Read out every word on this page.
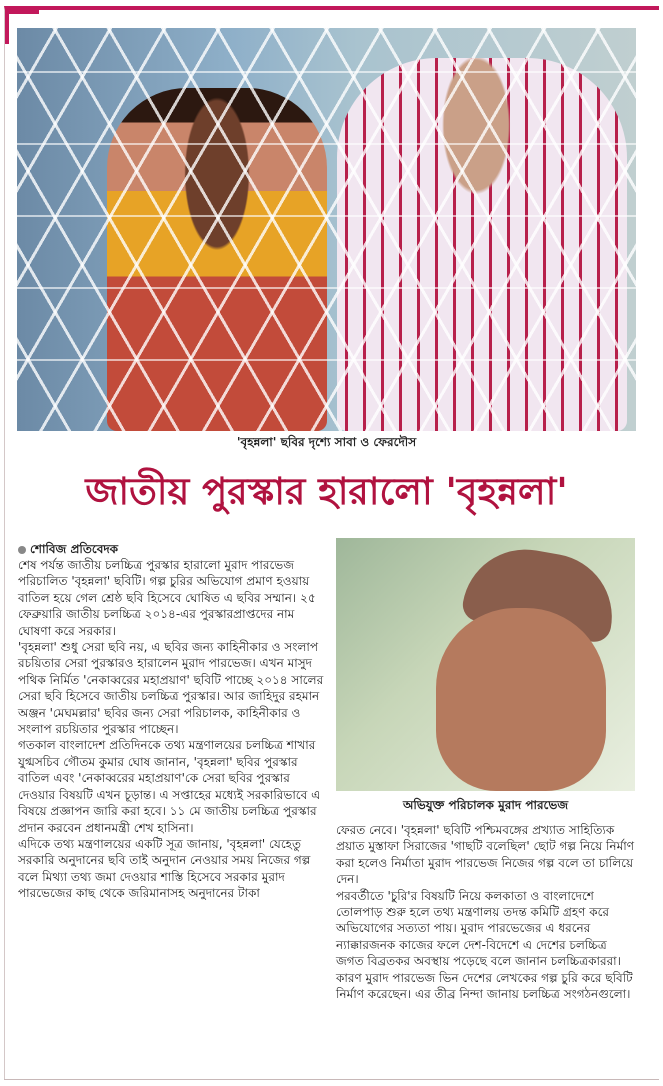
'বৃহন্নলা' ছবির দৃশ্যে সাবা ও ফেরদৌস
জাতীয় পুরস্কার হারালো 'বৃহন্নলা'
শোবিজ প্রতিবেদক

শেষ পর্যন্ত জাতীয় চলচ্চিত্র পুরস্কার হারালো মুরাদ পারভেজ পরিচালিত 'বৃহন্নলা' ছবিটি। গল্প চুরির অভিযোগ প্রমাণ হওয়ায় বাতিল হয়ে গেল শ্রেষ্ঠ ছবি হিসেবে ঘোষিত এ ছবির সম্মান। ২৫ ফেব্রুয়ারি জাতীয় চলচ্চিত্র ২০১৪-এর পুরস্কারপ্রাপ্তদের নাম ঘোষণা করে সরকার।

'বৃহন্নলা' শুধু সেরা ছবি নয়, এ ছবির জন্য কাহিনীকার ও সংলাপ রচয়িতার সেরা পুরস্কারও হারালেন মুরাদ পারভেজ। এখন মাসুদ পথিক নির্মিত 'নেকাব্বরের মহাপ্রয়াণ' ছবিটি পাচ্ছে ২০১৪ সালের সেরা ছবি হিসেবে জাতীয় চলচ্চিত্র পুরস্কার। আর জাহিদুর রহমান অঞ্জন 'মেঘমল্লার' ছবির জন্য সেরা পরিচালক, কাহিনীকার ও সংলাপ রচয়িতার পুরস্কার পাচ্ছেন।

গতকাল বাংলাদেশ প্রতিদিনকে তথ্য মন্ত্রণালয়ের চলচ্চিত্র শাখার যুগ্মসচিব গৌতম কুমার ঘোষ জানান, 'বৃহন্নলা' ছবির পুরস্কার বাতিল এবং 'নেকাব্বরের মহাপ্রয়াণ'কে সেরা ছবির পুরস্কার দেওয়ার বিষয়টি এখন চূড়ান্ত। এ সপ্তাহের মধ্যেই সরকারিভাবে এ বিষয়ে প্রজ্ঞাপন জারি করা হবে। ১১ মে জাতীয় চলচ্চিত্র পুরস্কার প্রদান করবেন প্রধানমন্ত্রী শেখ হাসিনা।

এদিকে তথ্য মন্ত্রণালয়ের একটি সূত্র জানায়, 'বৃহন্নলা' যেহেতু সরকারি অনুদানের ছবি তাই অনুদান নেওয়ার সময় নিজের গল্প বলে মিথ্যা তথ্য জমা দেওয়ার শাস্তি হিসেবে সরকার মুরাদ পারভেজের কাছ থেকে জরিমানাসহ অনুদানের টাকা

অভিযুক্ত পরিচালক মুরাদ পারভেজ

ফেরত নেবে। 'বৃহন্নলা' ছবিটি পশ্চিমবঙ্গের প্রখ্যাত সাহিত্যিক প্রয়াত মুস্তাফা সিরাজের 'গাছটি বলেছিল' ছোট গল্প নিয়ে নির্মাণ করা হলেও নির্মাতা মুরাদ পারভেজ নিজের গল্প বলে তা চালিয়ে দেন।

পরবর্তীতে 'চুরি'র বিষয়টি নিয়ে কলকাতা ও বাংলাদেশে তোলপাড় শুরু হলে তথ্য মন্ত্রণালয় তদন্ত কমিটি গ্রহণ করে অভিযোগের সত্যতা পায়। মুরাদ পারভেজের এ ধরনের ন্যাক্কারজনক কাজের ফলে দেশ-বিদেশে এ দেশের চলচ্চিত্র জগত বিব্রতকর অবস্থায় পড়েছে বলে জানান চলচ্চিত্রকাররা। কারণ মুরাদ পারভেজ ভিন দেশের লেখকের গল্প চুরি করে ছবিটি নির্মাণ করেছেন। এর তীব্র নিন্দা জানায় চলচ্চিত্র সংগঠনগুলো।
